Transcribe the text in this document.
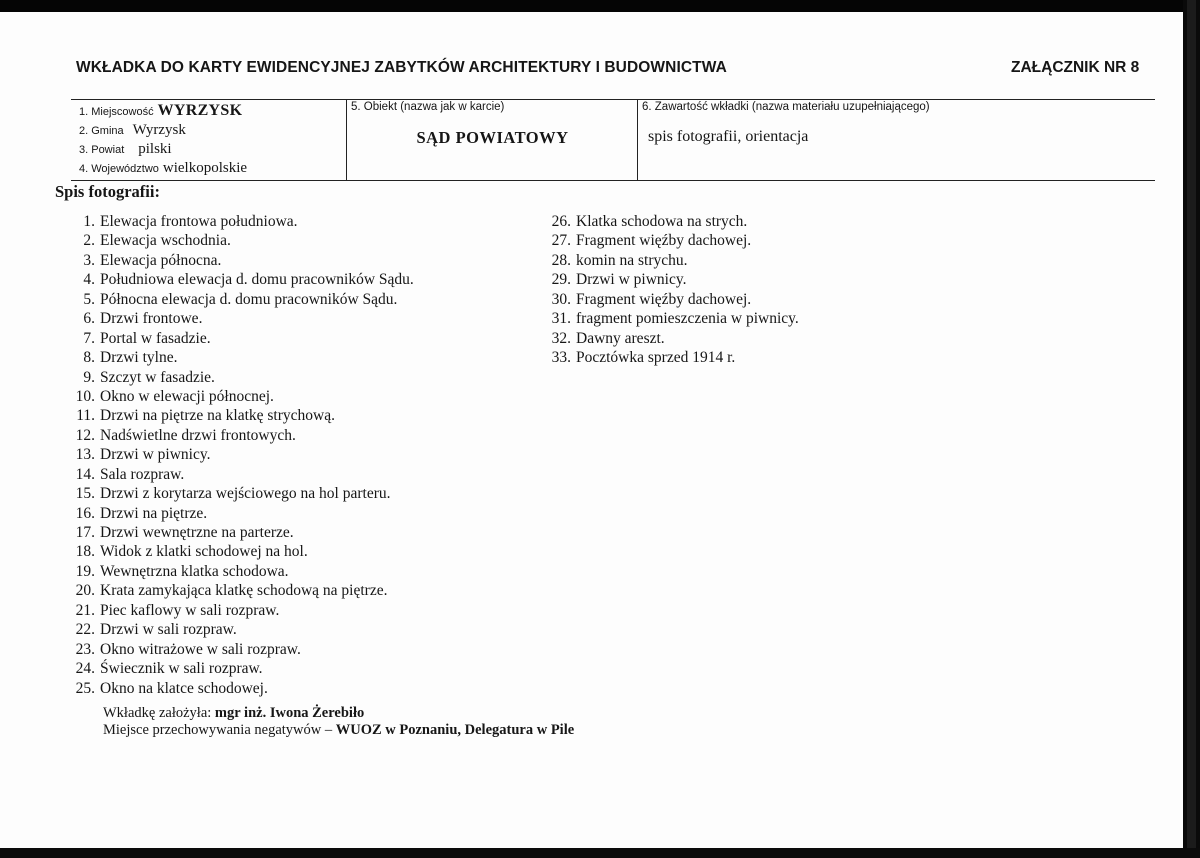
WKŁADKA DO KARTY EWIDENCYJNEJ ZABYTKÓW ARCHITEKTURY I BUDOWNICTWA	ZAŁĄCZNIK NR 8
1. Miejscowość WYRZYSK
2. Gmina Wyrzysk
3. Powiat pilski
4. Województwo wielkopolskie
5. Obiekt (nazwa jak w karcie)
SĄD POWIATOWY
6. Zawartość wkładki (nazwa materiału uzupełniającego)
spis fotografii, orientacja
Spis fotografii:
1. Elewacja frontowa południowa.
2. Elewacja wschodnia.
3. Elewacja północna.
4. Południowa elewacja d. domu pracowników Sądu.
5. Północna elewacja d. domu pracowników Sądu.
6. Drzwi frontowe.
7. Portal w fasadzie.
8. Drzwi tylne.
9. Szczyt w fasadzie.
10. Okno w elewacji północnej.
11. Drzwi na piętrze na klatkę strychową.
12. Nadświetlne drzwi frontowych.
13. Drzwi w piwnicy.
14. Sala rozpraw.
15. Drzwi z korytarza wejściowego na hol parteru.
16. Drzwi na piętrze.
17. Drzwi wewnętrzne na parterze.
18. Widok z klatki schodowej na hol.
19. Wewnętrzna klatka schodowa.
20. Krata zamykająca klatkę schodową na piętrze.
21. Piec kaflowy w sali rozpraw.
22. Drzwi w sali rozpraw.
23. Okno witrażowe w sali rozpraw.
24. Świecznik w sali rozpraw.
25. Okno na klatce schodowej.
26. Klatka schodowa na strych.
27. Fragment więźby dachowej.
28. komin na strychu.
29. Drzwi w piwnicy.
30. Fragment więźby dachowej.
31. fragment pomieszczenia w piwnicy.
32. Dawny areszt.
33. Pocztówka sprzed 1914 r.
Wkładkę założyła: mgr inż. Iwona Żerebiło
Miejsce przechowywania negatywów – WUOZ w Poznaniu, Delegatura w Pile
